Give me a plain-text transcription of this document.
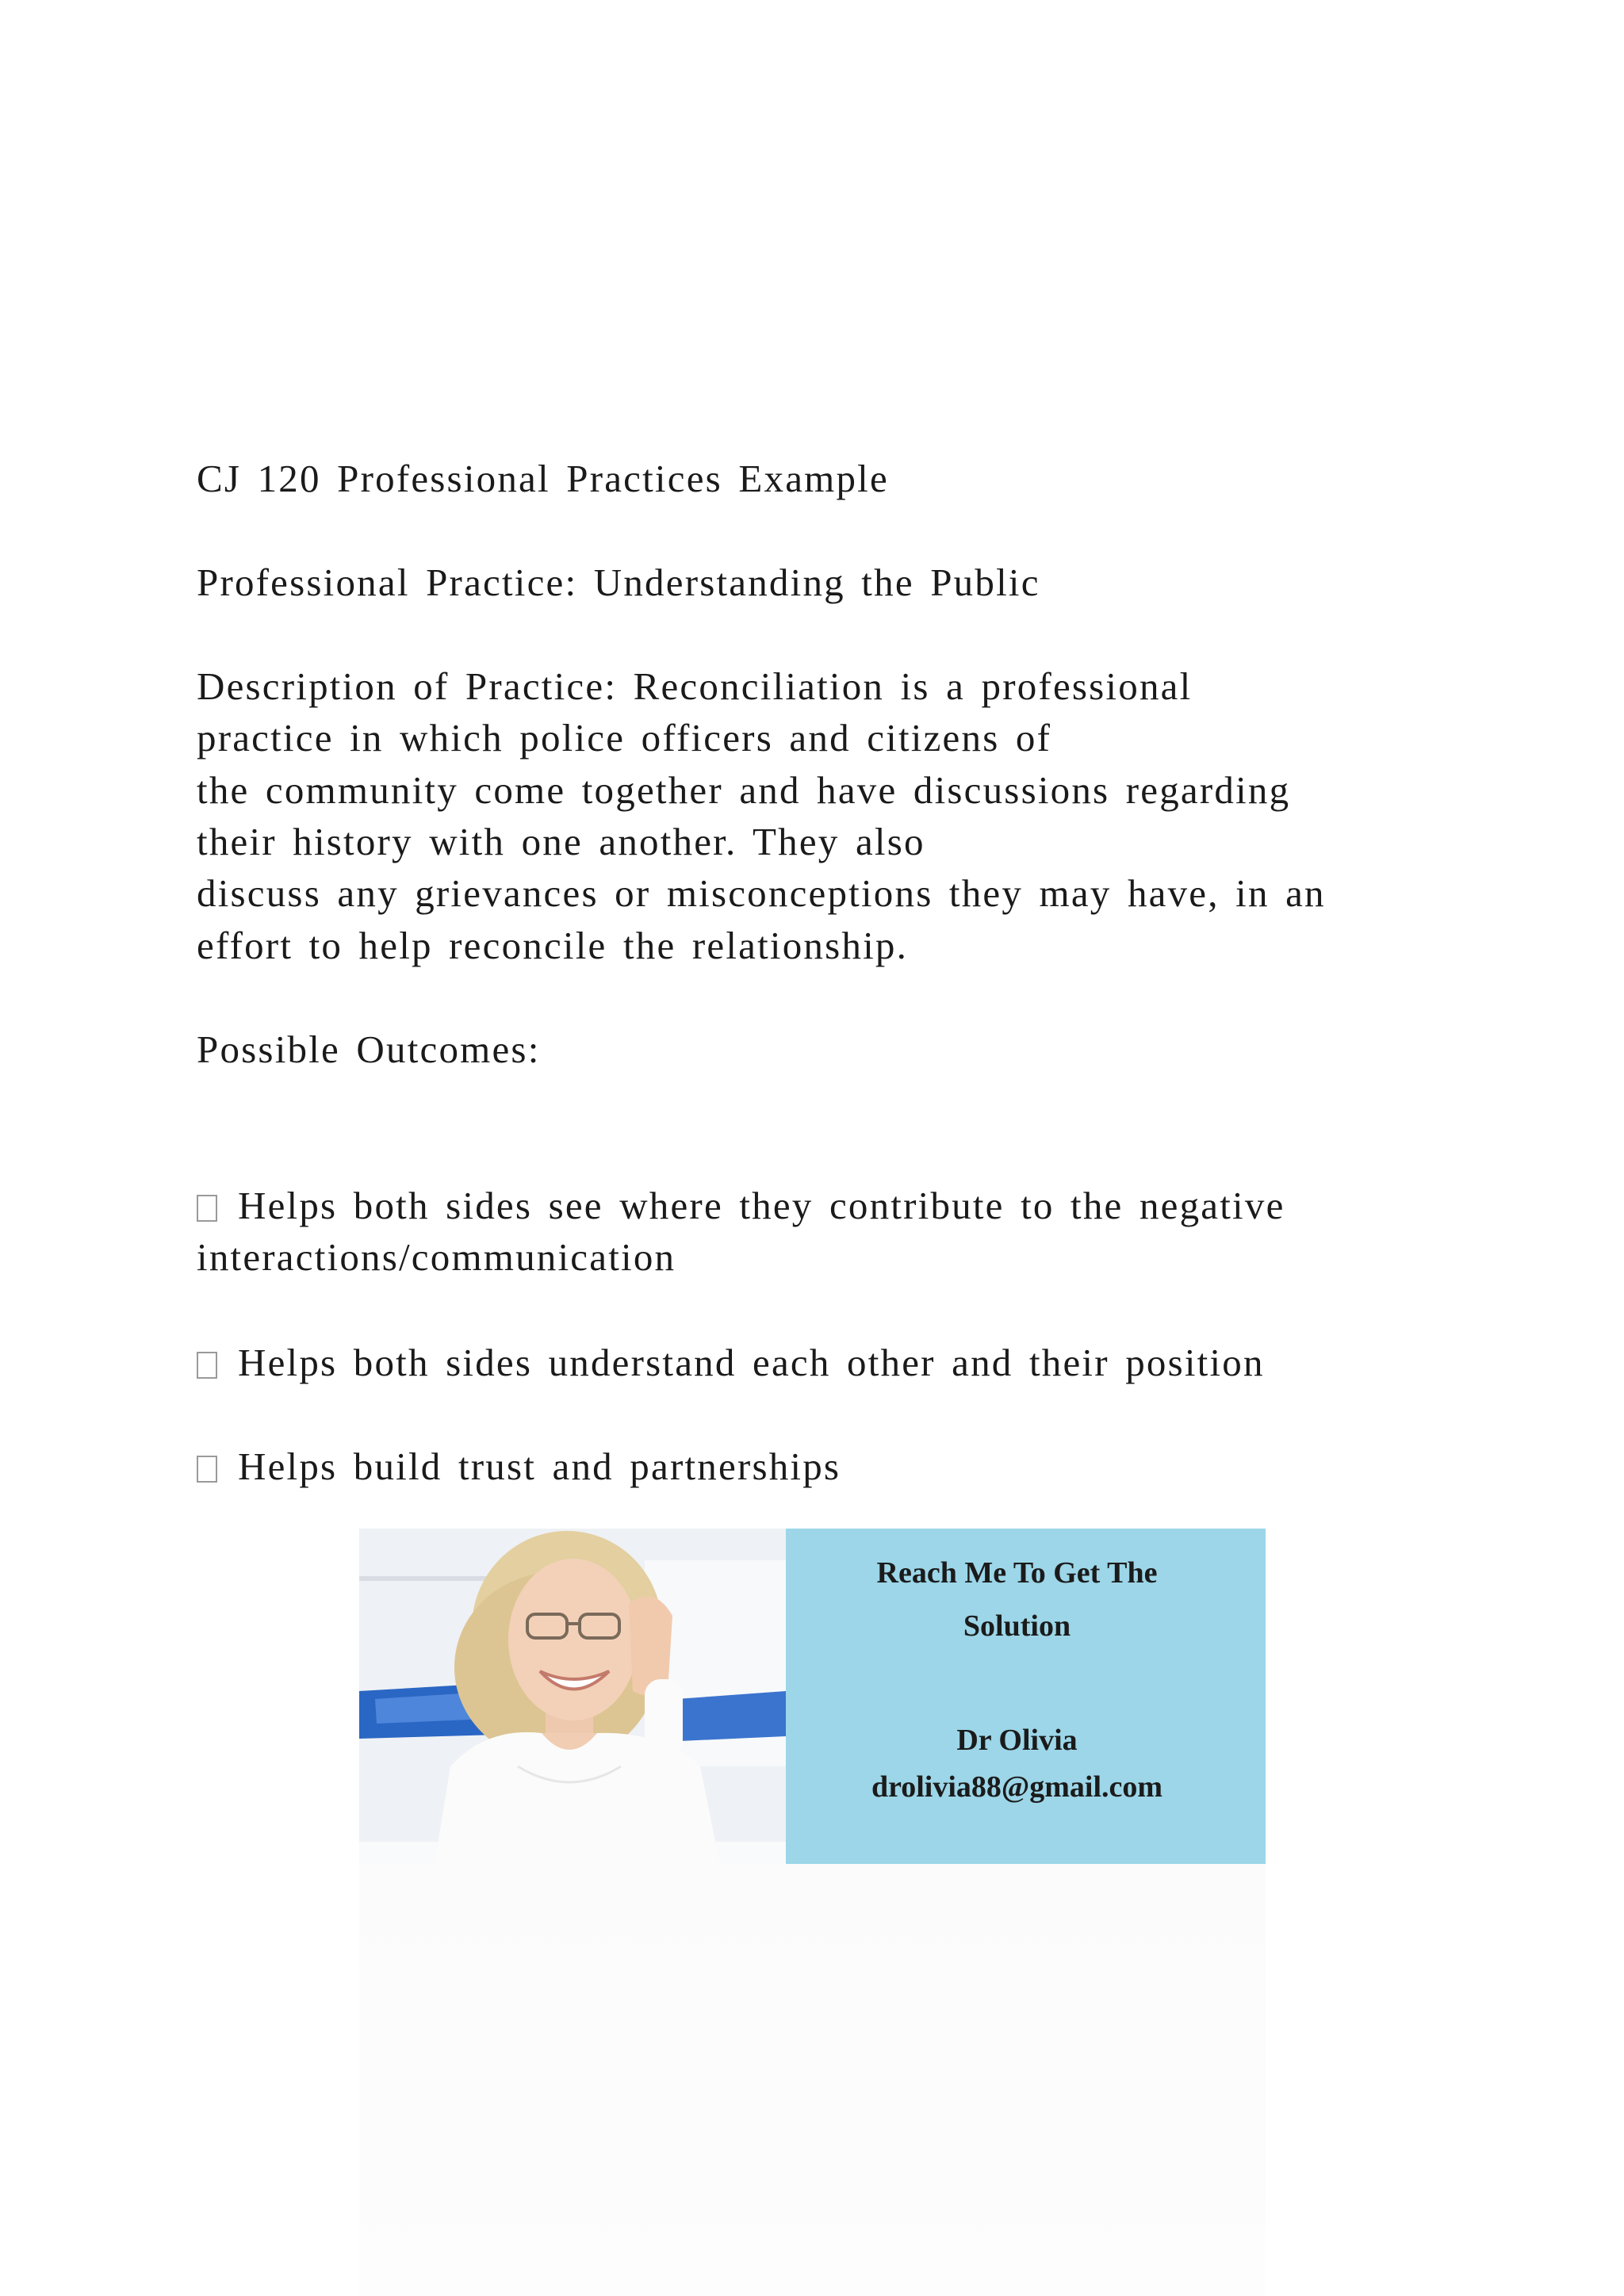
CJ 120 Professional Practices Example
Professional Practice: Understanding the Public
Description of Practice: Reconciliation is a professional
practice in which police officers and citizens of
the community come together and have discussions regarding
their history with one another. They also
discuss any grievances or misconceptions they may have, in an
effort to help reconcile the relationship.
Possible Outcomes:
Helps both sides see where they contribute to the negative
interactions/communication
Helps both sides understand each other and their position
Helps build trust and partnerships
Reach Me To Get The
Solution
Dr Olivia
drolivia88@gmail.com
